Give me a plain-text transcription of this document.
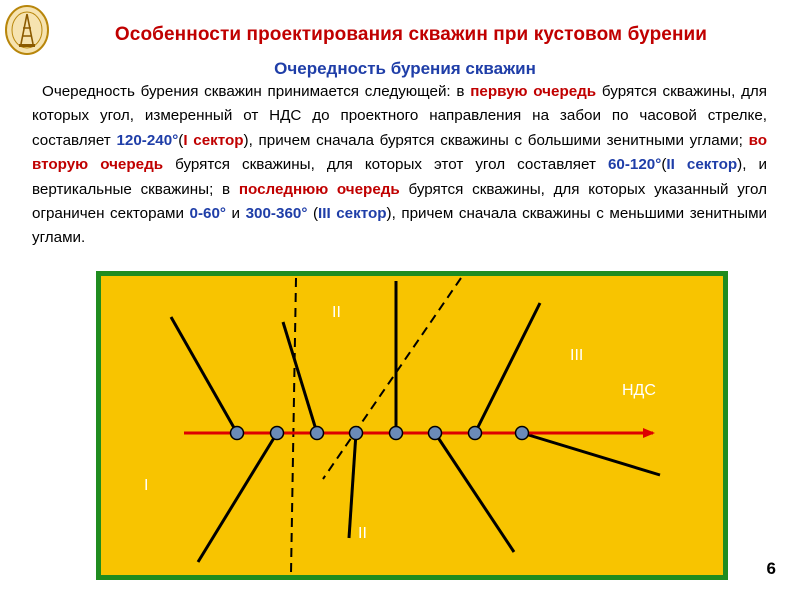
Особенности проектирования скважин при кустовом бурении
Очередность бурения скважин
Очередность бурения скважин принимается следующей: в первую очередь бурятся скважины, для которых угол, измеренный от НДС до проектного направления на забои по часовой стрелке, составляет 120-240°(I сектор), причем сначала бурятся скважины с большими зенитными углами; во вторую очередь бурятся скважины, для которых этот угол составляет 60-120°(II сектор), и вертикальные скважины; в последнюю очередь бурятся скважины, для которых указанный угол ограничен секторами 0-60° и 300-360° (III сектор), причем сначала скважины с меньшими зенитными углами.
II
III
НДС
I
II
6
